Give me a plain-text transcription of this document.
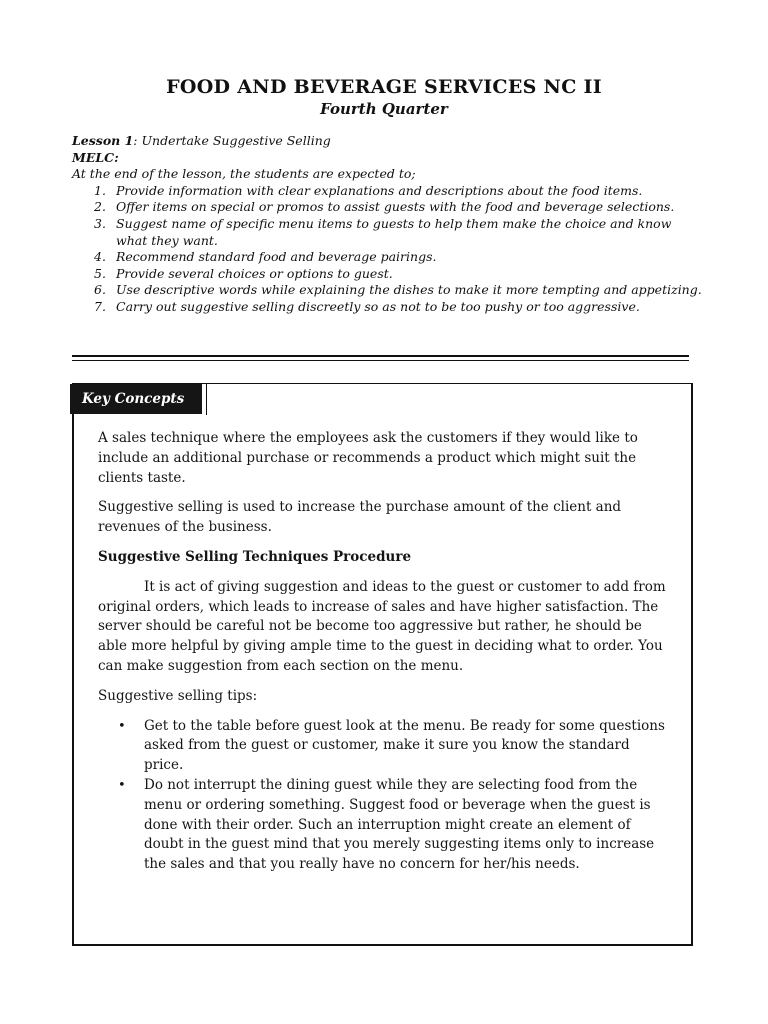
FOOD AND BEVERAGE SERVICES NC II
Fourth Quarter
Lesson 1: Undertake Suggestive Selling
MELC:
At the end of the lesson, the students are expected to;
1. Provide information with clear explanations and descriptions about the food items.
2. Offer items on special or promos to assist guests with the food and beverage selections.
3. Suggest name of specific menu items to guests to help them make the choice and know what they want.
4. Recommend standard food and beverage pairings.
5. Provide several choices or options to guest.
6. Use descriptive words while explaining the dishes to make it more tempting and appetizing.
7. Carry out suggestive selling discreetly so as not to be too pushy or too aggressive.
Key Concepts

A sales technique where the employees ask the customers if they would like to include an additional purchase or recommends a product which might suit the clients taste.

Suggestive selling is used to increase the purchase amount of the client and revenues of the business.

Suggestive Selling Techniques Procedure

It is act of giving suggestion and ideas to the guest or customer to add from original orders, which leads to increase of sales and have higher satisfaction. The server should be careful not be become too aggressive but rather, he should be able more helpful by giving ample time to the guest in deciding what to order. You can make suggestion from each section on the menu.

Suggestive selling tips:

• Get to the table before guest look at the menu. Be ready for some questions asked from the guest or customer, make it sure you know the standard price.
• Do not interrupt the dining guest while they are selecting food from the menu or ordering something. Suggest food or beverage when the guest is done with their order. Such an interruption might create an element of doubt in the guest mind that you merely suggesting items only to increase the sales and that you really have no concern for her/his needs.
